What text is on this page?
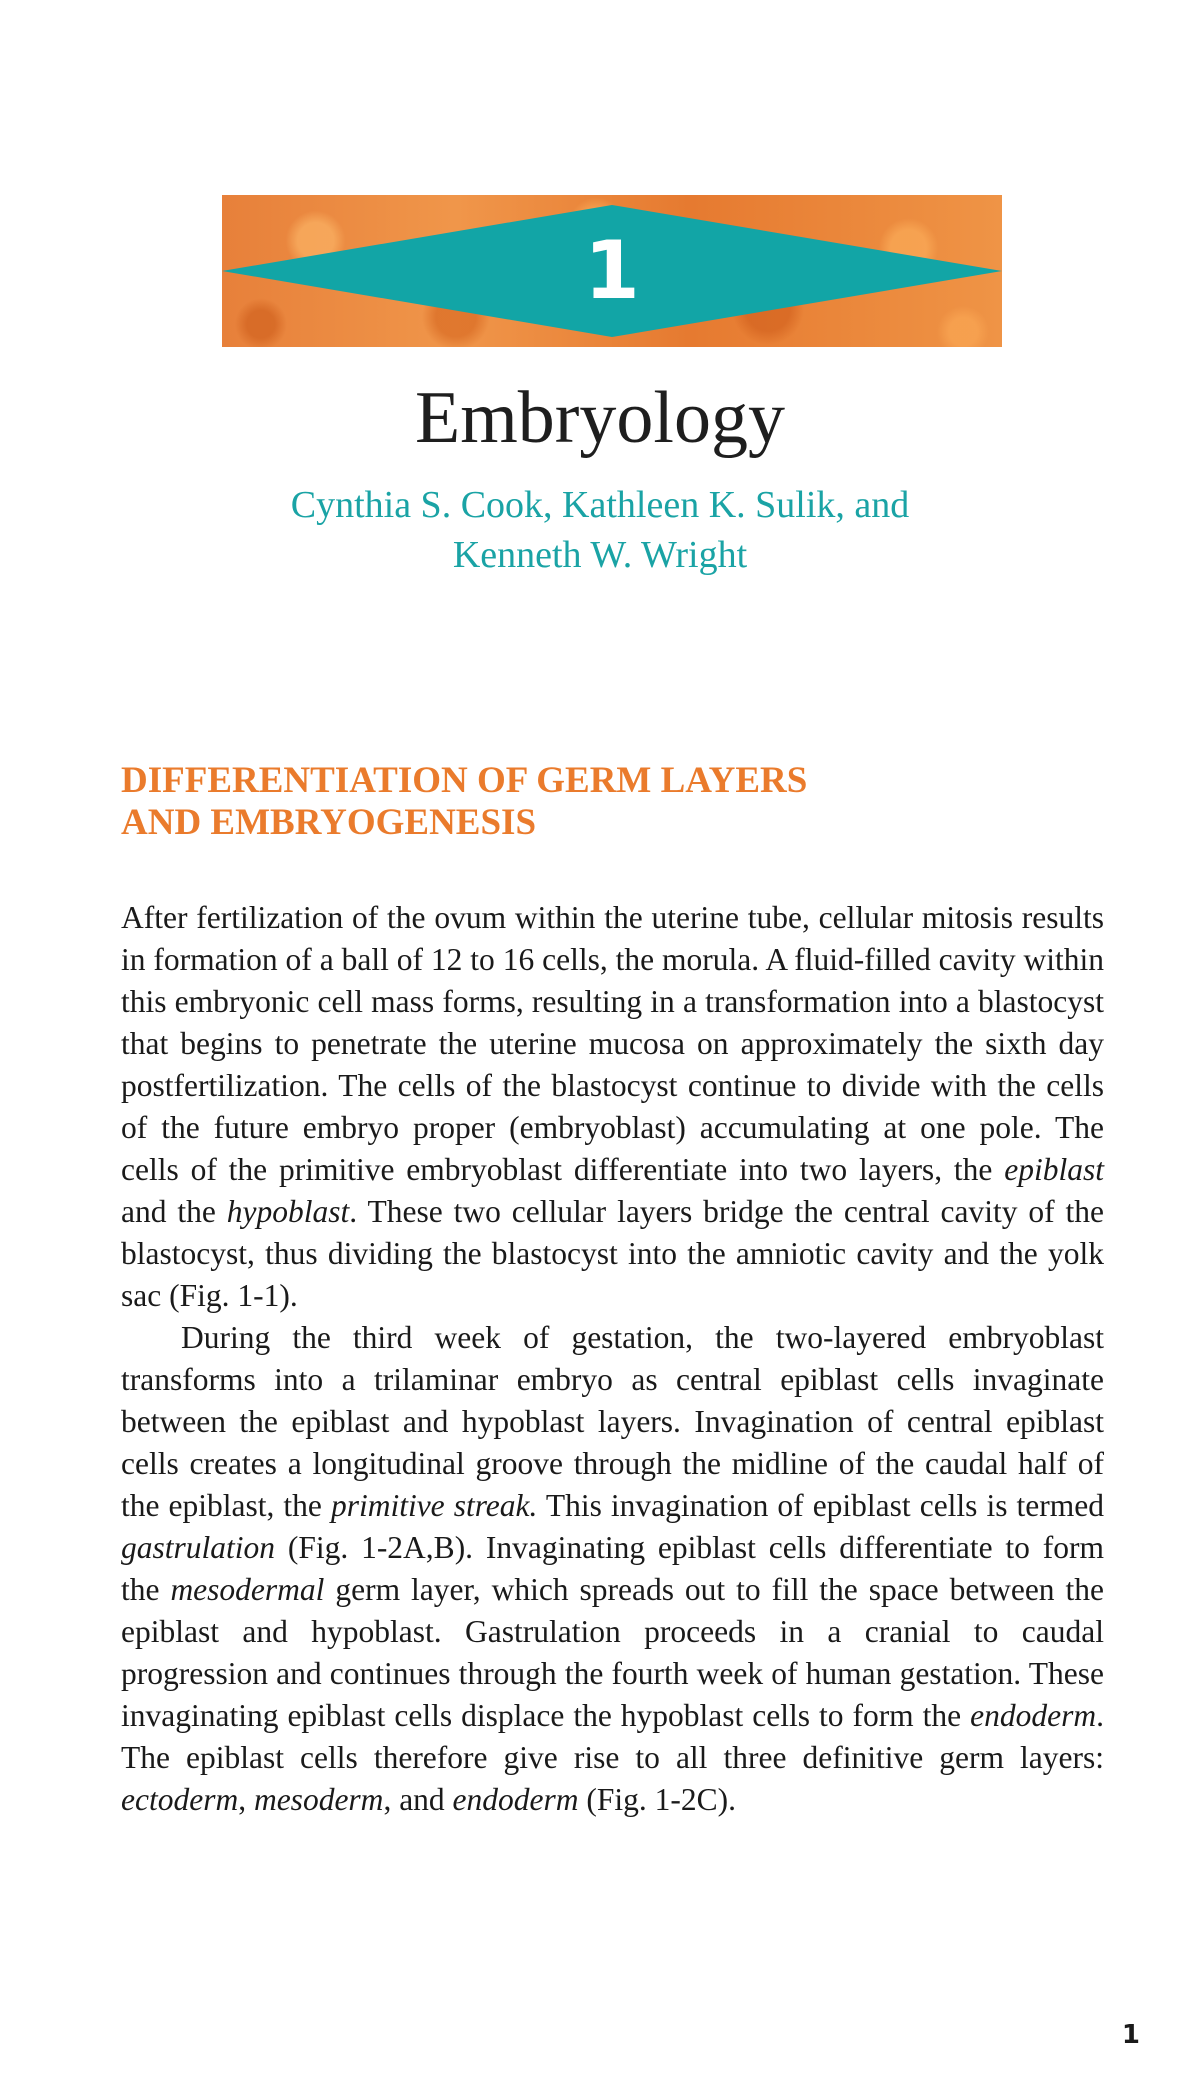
1
Embryology
Cynthia S. Cook, Kathleen K. Sulik, and
Kenneth W. Wright
DIFFERENTIATION OF GERM LAYERS
AND EMBRYOGENESIS

After fertilization of the ovum within the uterine tube, cellular mitosis results in formation of a ball of 12 to 16 cells, the morula. A fluid-filled cavity within this embryonic cell mass forms, resulting in a transformation into a blastocyst that begins to penetrate the uterine mucosa on approximately the sixth day postfertilization. The cells of the blastocyst continue to divide with the cells of the future embryo proper (embryoblast) accumulating at one pole. The cells of the primitive embryoblast differentiate into two layers, the epiblast and the hypoblast. These two cellular layers bridge the central cavity of the blastocyst, thus dividing the blastocyst into the amniotic cavity and the yolk sac (Fig. 1-1).

During the third week of gestation, the two-layered embryoblast transforms into a trilaminar embryo as central epiblast cells invaginate between the epiblast and hypoblast layers. Invagination of central epiblast cells creates a longitudinal groove through the midline of the caudal half of the epiblast, the primitive streak. This invagination of epiblast cells is termed gastrulation (Fig. 1-2A,B). Invaginating epiblast cells differentiate to form the mesodermal germ layer, which spreads out to fill the space between the epiblast and hypoblast. Gastrulation proceeds in a cranial to caudal progression and continues through the fourth week of human gestation. These invaginating epiblast cells displace the hypoblast cells to form the endoderm. The epiblast cells therefore give rise to all three definitive germ layers: ectoderm, mesoderm, and endoderm (Fig. 1-2C).

1
